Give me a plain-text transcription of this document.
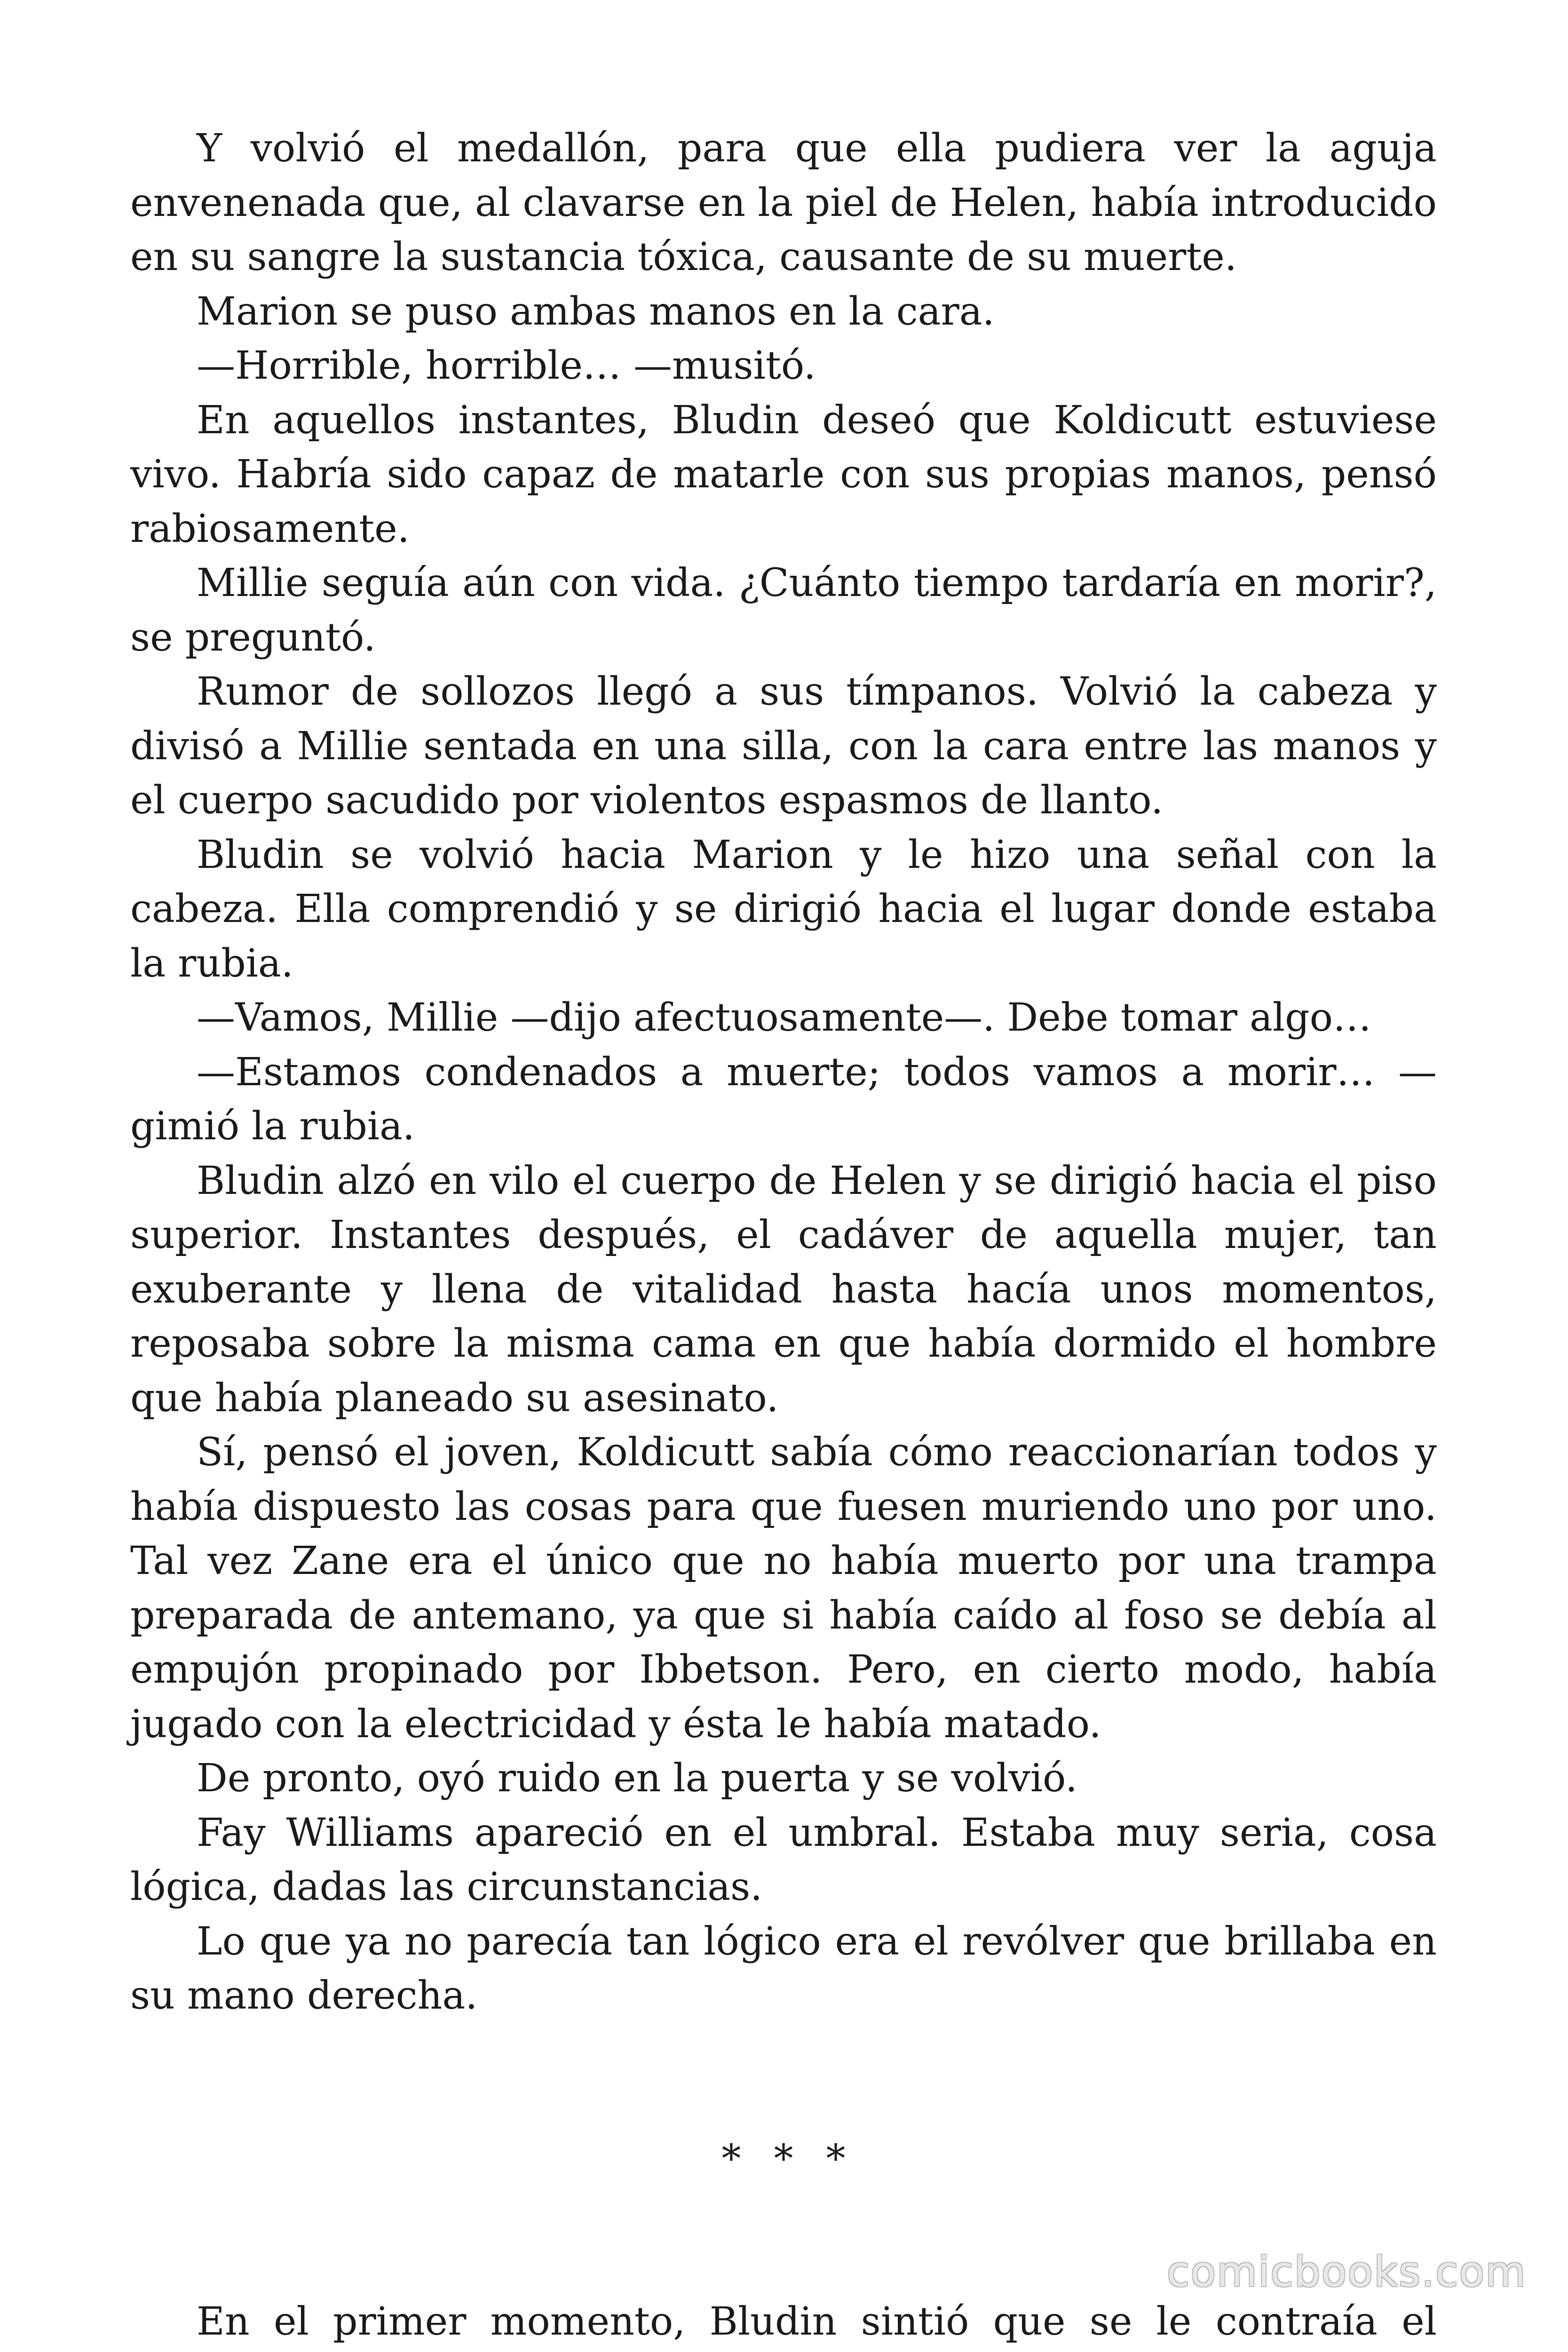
Y volvió el medallón, para que ella pudiera ver la aguja envenenada que, al clavarse en la piel de Helen, había introducido en su sangre la sustancia tóxica, causante de su muerte.

Marion se puso ambas manos en la cara.

—Horrible, horrible… —musitó.

En aquellos instantes, Bludin deseó que Koldicutt estuviese vivo. Habría sido capaz de matarle con sus propias manos, pensó rabiosamente.

Millie seguía aún con vida. ¿Cuánto tiempo tardaría en morir?, se preguntó.

Rumor de sollozos llegó a sus tímpanos. Volvió la cabeza y divisó a Millie sentada en una silla, con la cara entre las manos y el cuerpo sacudido por violentos espasmos de llanto.

Bludin se volvió hacia Marion y le hizo una señal con la cabeza. Ella comprendió y se dirigió hacia el lugar donde estaba la rubia.

—Vamos, Millie —dijo afectuosamente—. Debe tomar algo…

—Estamos condenados a muerte; todos vamos a morir… —gimió la rubia.

Bludin alzó en vilo el cuerpo de Helen y se dirigió hacia el piso superior. Instantes después, el cadáver de aquella mujer, tan exuberante y llena de vitalidad hasta hacía unos momentos, reposaba sobre la misma cama en que había dormido el hombre que había planeado su asesinato.

Sí, pensó el joven, Koldicutt sabía cómo reaccionarían todos y había dispuesto las cosas para que fuesen muriendo uno por uno. Tal vez Zane era el único que no había muerto por una trampa preparada de antemano, ya que si había caído al foso se debía al empujón propinado por Ibbetson. Pero, en cierto modo, había jugado con la electricidad y ésta le había matado.

De pronto, oyó ruido en la puerta y se volvió.

Fay Williams apareció en el umbral. Estaba muy seria, cosa lógica, dadas las circunstancias.

Lo que ya no parecía tan lógico era el revólver que brillaba en su mano derecha.

* * *

En el primer momento, Bludin sintió que se le contraía el

comicbooks.com
